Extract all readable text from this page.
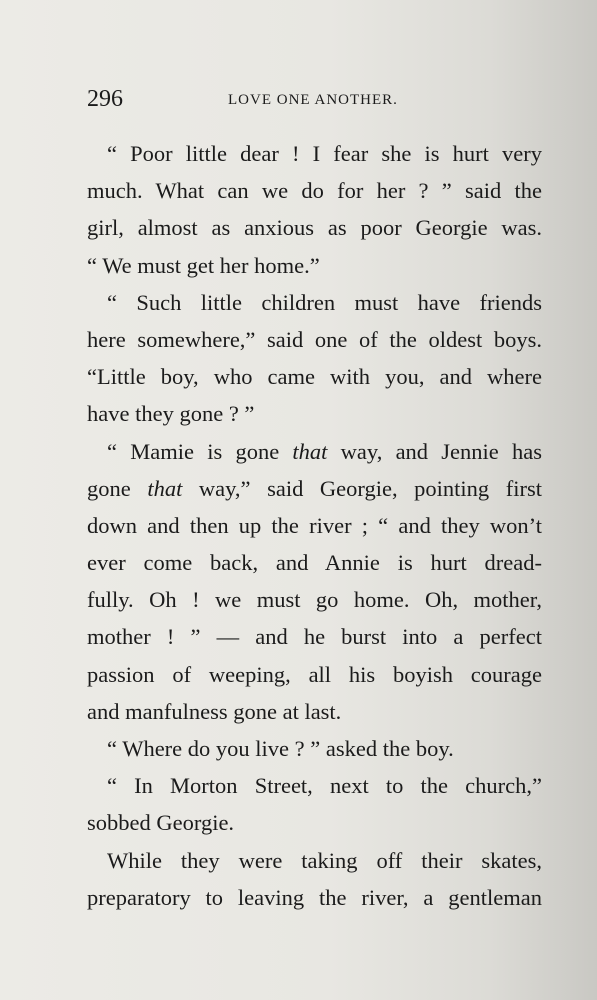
296	LOVE ONE ANOTHER.
“ Poor little dear ! I fear she is hurt very
much. What can we do for her ? ” said the
girl, almost as anxious as poor Georgie was.
“ We must get her home.”
“ Such little children must have friends
here somewhere,” said one of the oldest boys.
“Little boy, who came with you, and where
have they gone ? ”
“ Mamie is gone that way, and Jennie has
gone that way,” said Georgie, pointing first
down and then up the river ; “ and they won’t
ever come back, and Annie is hurt dread-
fully. Oh ! we must go home. Oh, mother,
mother ! ” — and he burst into a perfect
passion of weeping, all his boyish courage
and manfulness gone at last.
“ Where do you live ? ” asked the boy.
“ In Morton Street, next to the church,”
sobbed Georgie.
While they were taking off their skates,
preparatory to leaving the river, a gentleman
